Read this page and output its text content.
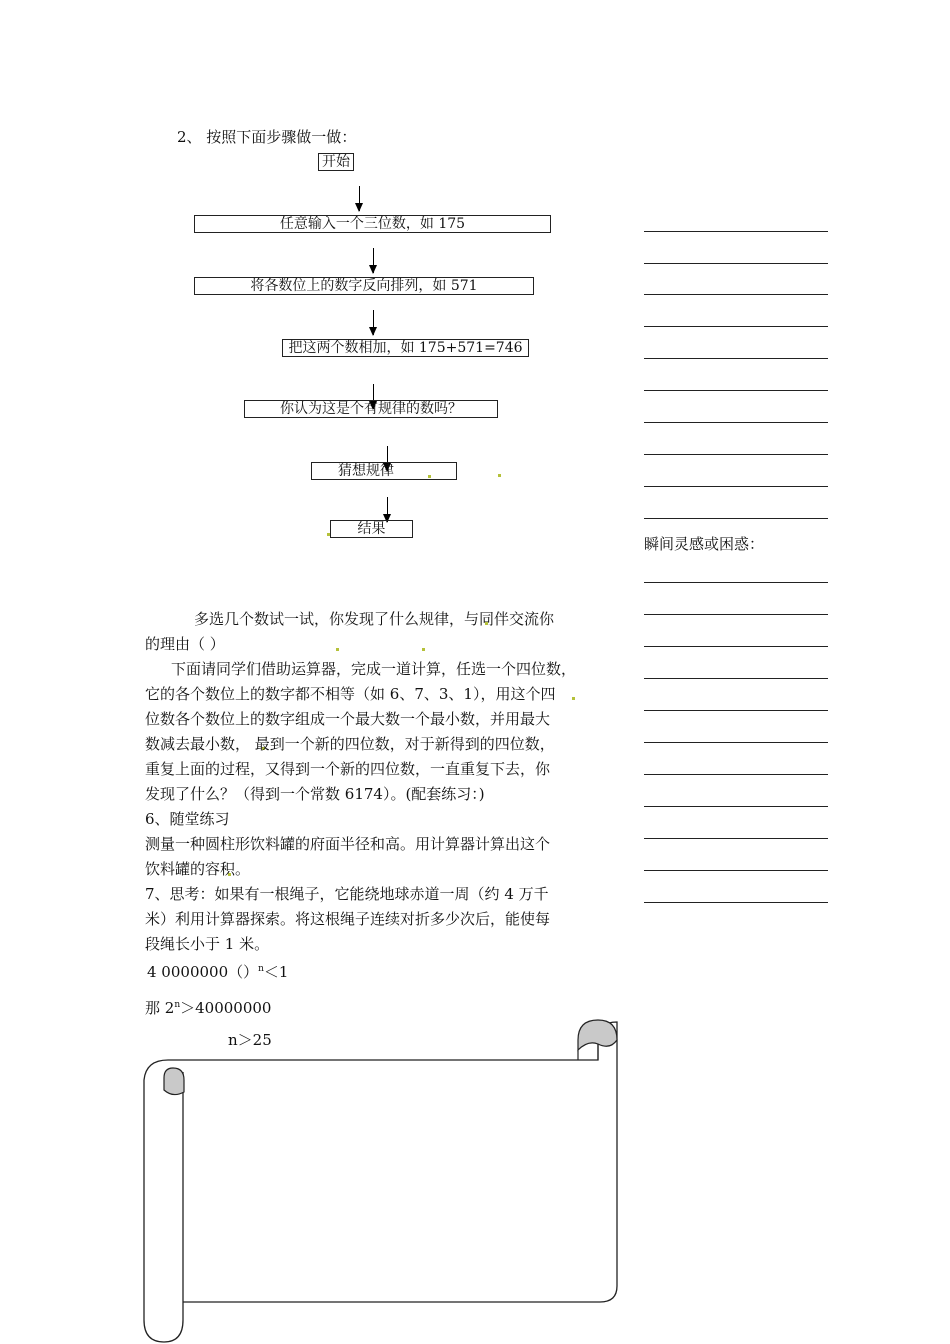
2、 按照下面步骤做一做：
开始
任意输入一个三位数，如 175
将各数位上的数字反向排列，如 571
把这两个数相加，如 175+571=746
你认为这是个有规律的数吗？
猜想规律
结果
多选几个数试一试，你发现了什么规律，与同伴交流你
的理由（ ）
下面请同学们借助运算器，完成一道计算，任选一个四位数，
它的各个数位上的数字都不相等（如 6、7、3、1），用这个四
位数各个数位上的数字组成一个最大数一个最小数，并用最大
数减去最小数， 最到一个新的四位数，对于新得到的四位数，
重复上面的过程，又得到一个新的四位数，一直重复下去，你
发现了什么？（得到一个常数 6174）。(配套练习：)
6、随堂练习
测量一种圆柱形饮料罐的府面半径和高。用计算器计算出这个
饮料罐的容积。
7、思考：如果有一根绳子，它能绕地球赤道一周（约 4 万千
米）利用计算器探索。将这根绳子连续对折多少次后，能使每
段绳长小于 1 米。
4 0000000（）$^n$＜1
那 $2^n>40000000$
n＞25
瞬间灵感或困惑：
